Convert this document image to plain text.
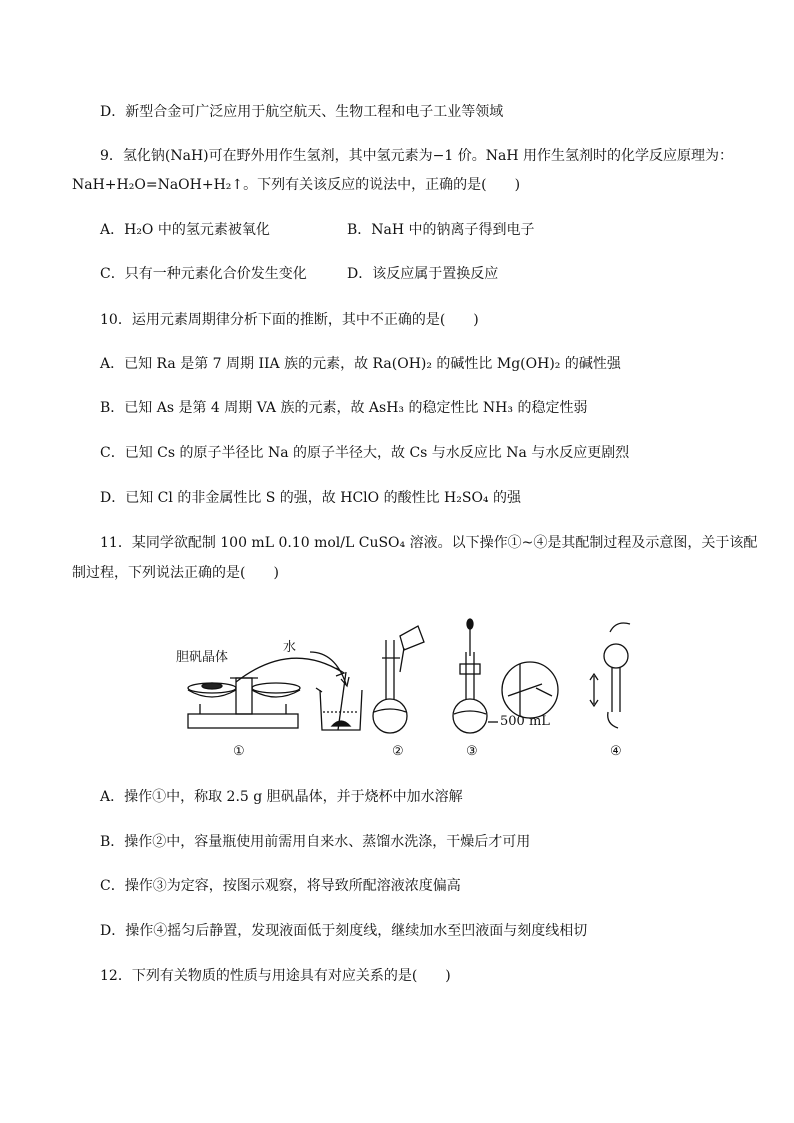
D．新型合金可广泛应用于航空航天、生物工程和电子工业等领域
9．氢化钠(NaH)可在野外用作生氢剂，其中氢元素为−1 价。NaH 用作生氢剂时的化学反应原理为：
NaH+H₂O=NaOH+H₂↑。下列有关该反应的说法中，正确的是(　　)
A．H₂O 中的氢元素被氧化	B．NaH 中的钠离子得到电子
C．只有一种元素化合价发生变化	D．该反应属于置换反应
10．运用元素周期律分析下面的推断，其中不正确的是(　　)
A．已知 Ra 是第 7 周期 IIA 族的元素，故 Ra(OH)₂ 的碱性比 Mg(OH)₂ 的碱性强
B．已知 As 是第 4 周期 VA 族的元素，故 AsH₃ 的稳定性比 NH₃ 的稳定性弱
C．已知 Cs 的原子半径比 Na 的原子半径大，故 Cs 与水反应比 Na 与水反应更剧烈
D．已知 Cl 的非金属性比 S 的强，故 HClO 的酸性比 H₂SO₄ 的强
11．某同学欲配制 100 mL 0.10 mol/L CuSO₄ 溶液。以下操作①~④是其配制过程及示意图，关于该配
制过程，下列说法正确的是(　　)
胆矾晶体
水
500 mL
①	②	③	④
A．操作①中，称取 2.5 g 胆矾晶体，并于烧杯中加水溶解
B．操作②中，容量瓶使用前需用自来水、蒸馏水洗涤，干燥后才可用
C．操作③为定容，按图示观察，将导致所配溶液浓度偏高
D．操作④摇匀后静置，发现液面低于刻度线，继续加水至凹液面与刻度线相切
12．下列有关物质的性质与用途具有对应关系的是(　　)
